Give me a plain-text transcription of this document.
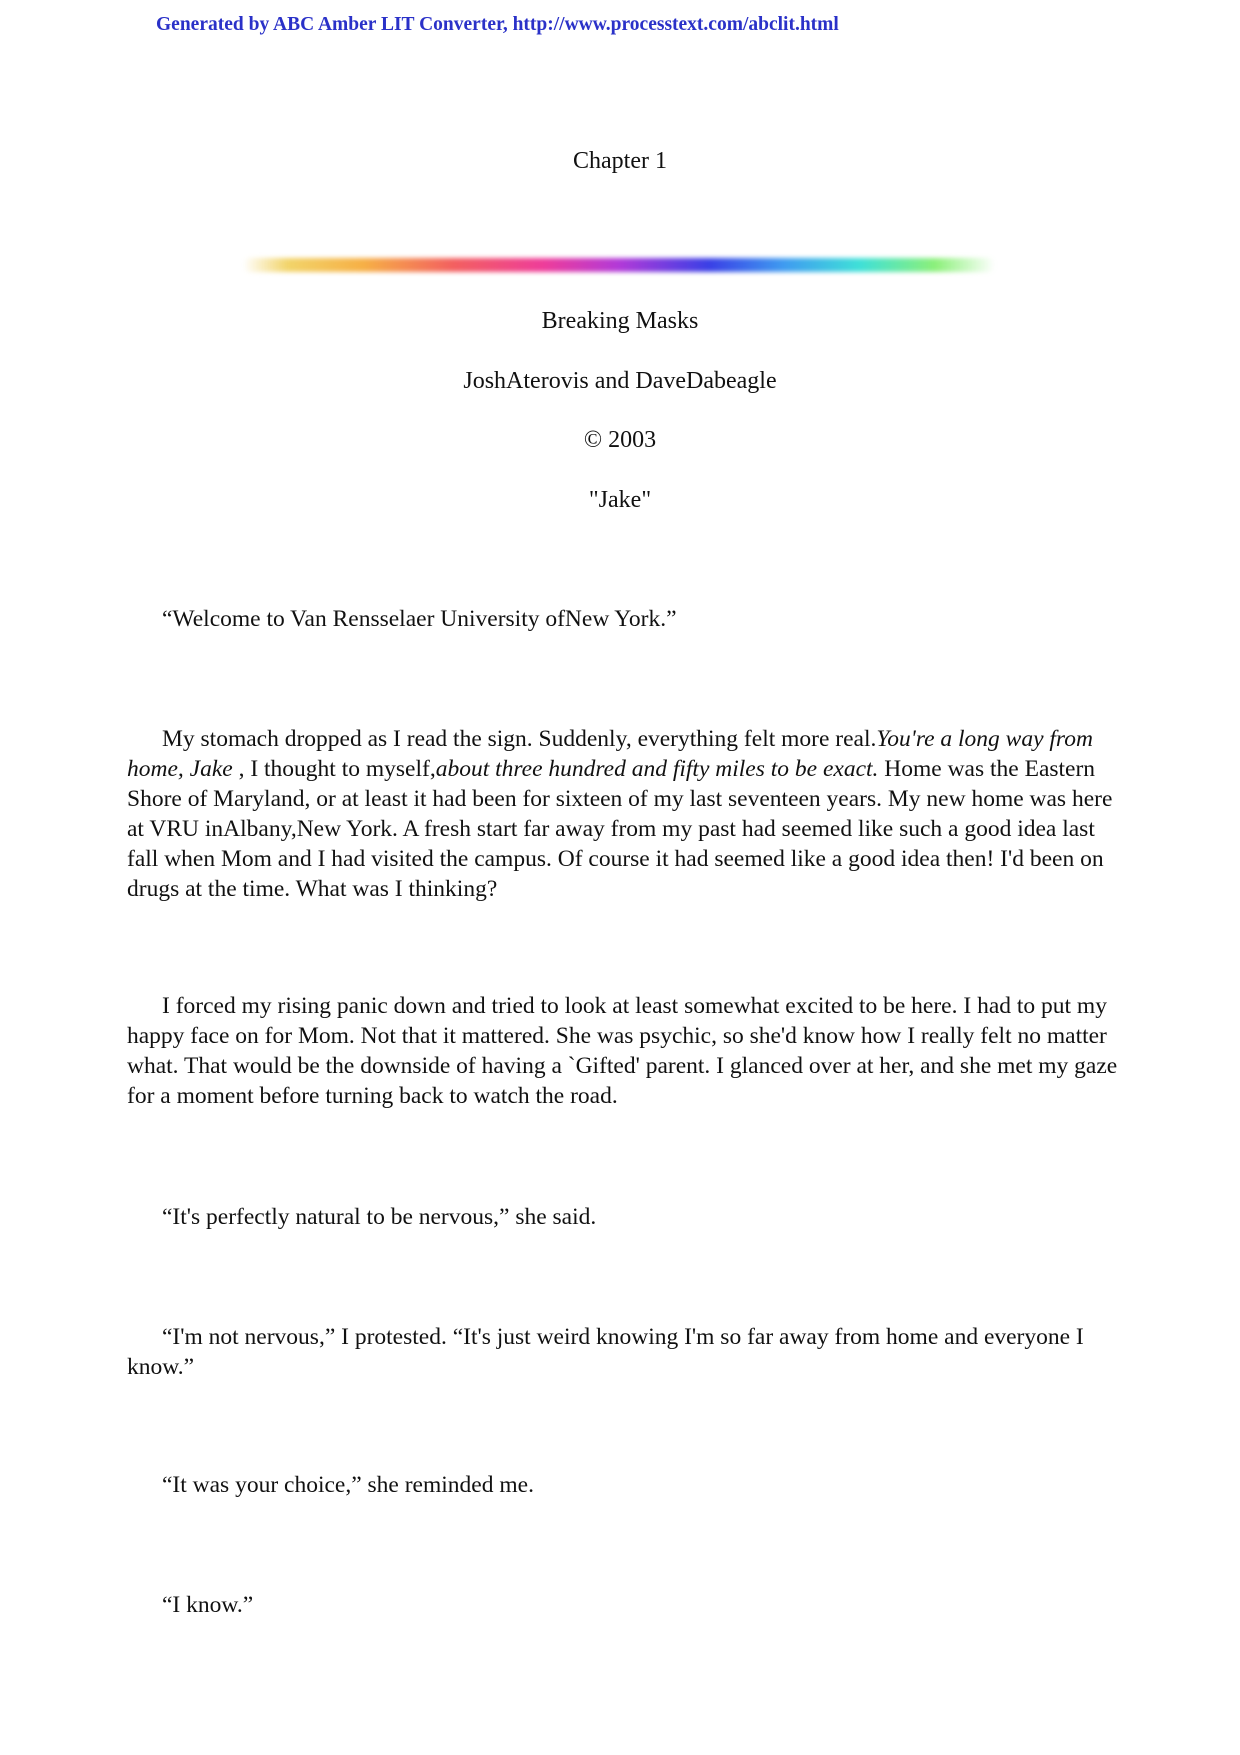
Generated by ABC Amber LIT Converter, http://www.processtext.com/abclit.html
Chapter 1
Breaking Masks
JoshAterovis and DaveDabeagle
© 2003
"Jake"

“Welcome to Van Rensselaer University ofNew York.”

My stomach dropped as I read the sign. Suddenly, everything felt more real.You're a long way from home, Jake , I thought to myself,about three hundred and fifty miles to be exact. Home was the Eastern Shore of Maryland, or at least it had been for sixteen of my last seventeen years. My new home was here at VRU inAlbany,New York. A fresh start far away from my past had seemed like such a good idea last fall when Mom and I had visited the campus. Of course it had seemed like a good idea then! I'd been on drugs at the time. What was I thinking?

I forced my rising panic down and tried to look at least somewhat excited to be here. I had to put my happy face on for Mom. Not that it mattered. She was psychic, so she'd know how I really felt no matter what. That would be the downside of having a `Gifted' parent. I glanced over at her, and she met my gaze for a moment before turning back to watch the road.

“It's perfectly natural to be nervous,” she said.

“I'm not nervous,” I protested. “It's just weird knowing I'm so far away from home and everyone I know.”

“It was your choice,” she reminded me.

“I know.”
